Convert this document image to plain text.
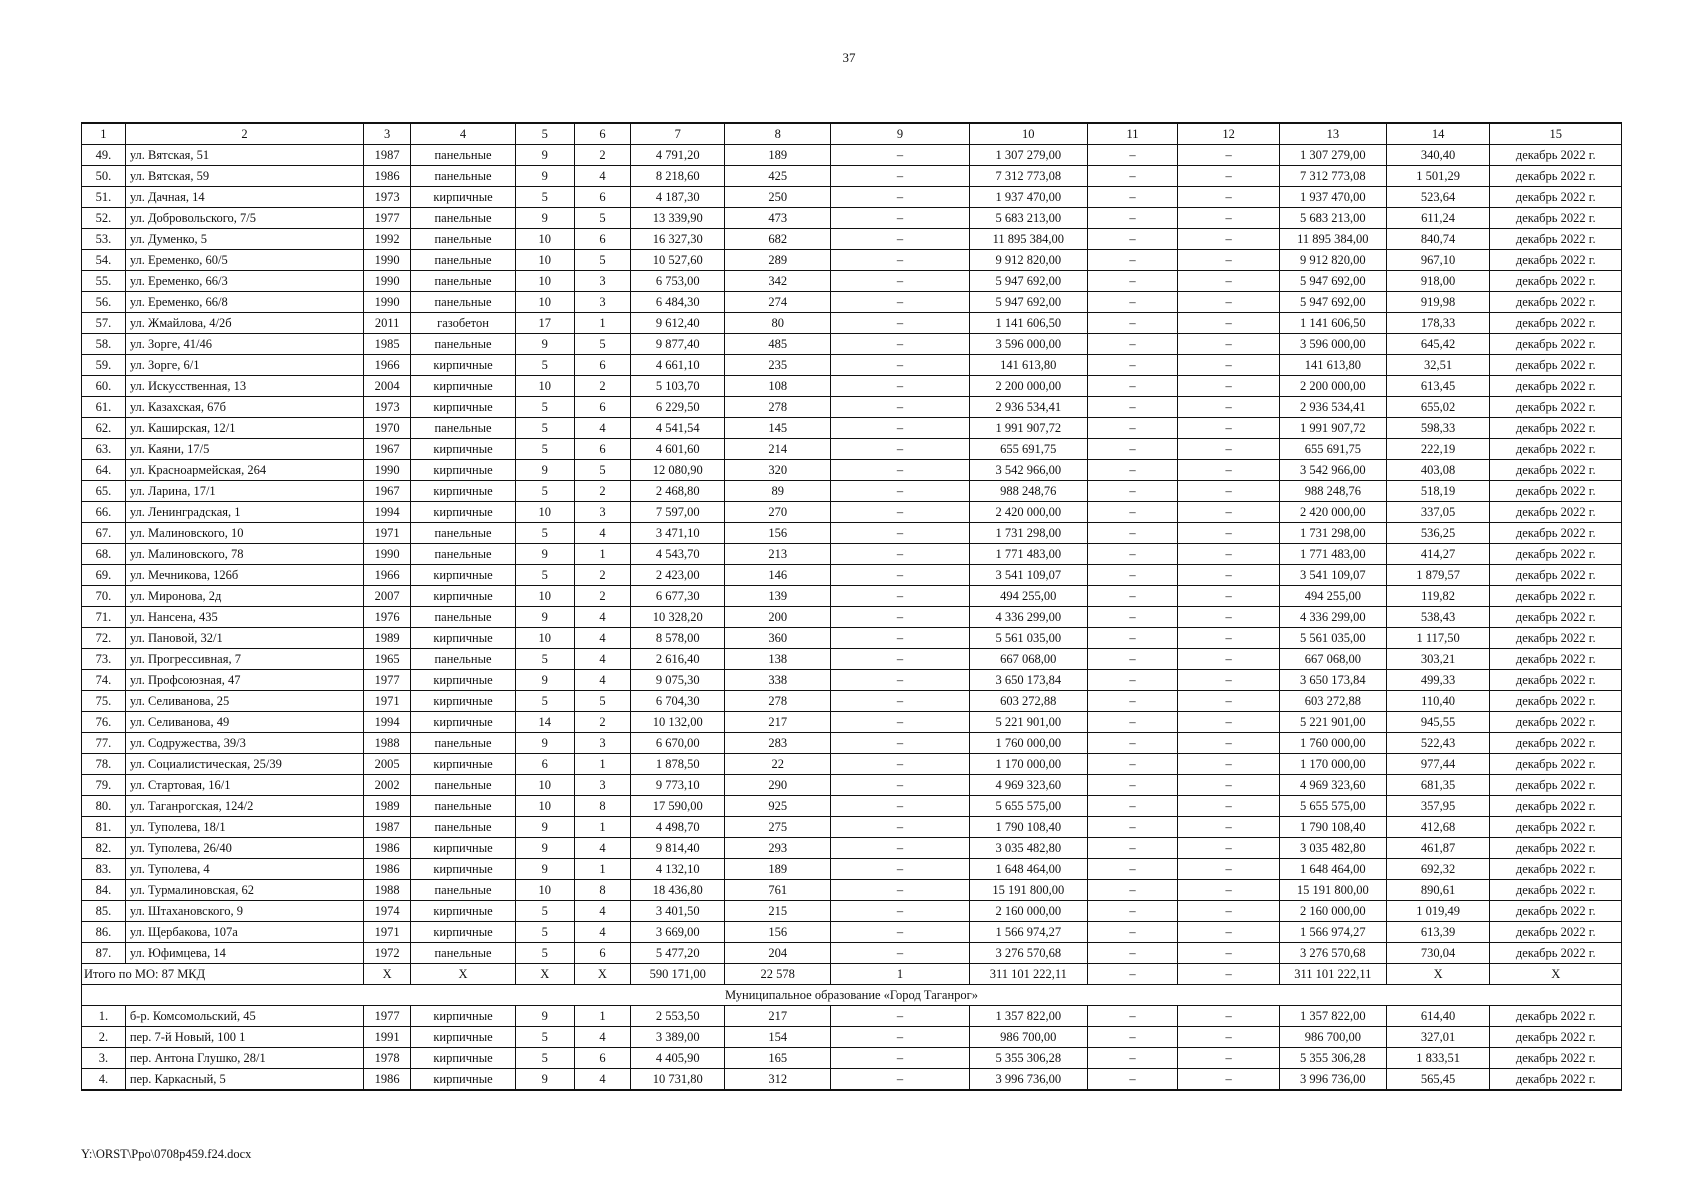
37
1	2	3	4	5	6	7	8	9	10	11	12	13	14	15
49.	ул. Вятская, 51	1987	панельные	9	2	4 791,20	189	–	1 307 279,00	–	–	1 307 279,00	340,40	декабрь 2022 г.
50.	ул. Вятская, 59	1986	панельные	9	4	8 218,60	425	–	7 312 773,08	–	–	7 312 773,08	1 501,29	декабрь 2022 г.
51.	ул. Дачная, 14	1973	кирпичные	5	6	4 187,30	250	–	1 937 470,00	–	–	1 937 470,00	523,64	декабрь 2022 г.
52.	ул. Добровольского, 7/5	1977	панельные	9	5	13 339,90	473	–	5 683 213,00	–	–	5 683 213,00	611,24	декабрь 2022 г.
53.	ул. Думенко, 5	1992	панельные	10	6	16 327,30	682	–	11 895 384,00	–	–	11 895 384,00	840,74	декабрь 2022 г.
54.	ул. Еременко, 60/5	1990	панельные	10	5	10 527,60	289	–	9 912 820,00	–	–	9 912 820,00	967,10	декабрь 2022 г.
55.	ул. Еременко, 66/3	1990	панельные	10	3	6 753,00	342	–	5 947 692,00	–	–	5 947 692,00	918,00	декабрь 2022 г.
56.	ул. Еременко, 66/8	1990	панельные	10	3	6 484,30	274	–	5 947 692,00	–	–	5 947 692,00	919,98	декабрь 2022 г.
57.	ул. Жмайлова, 4/2б	2011	газобетон	17	1	9 612,40	80	–	1 141 606,50	–	–	1 141 606,50	178,33	декабрь 2022 г.
58.	ул. Зорге, 41/46	1985	панельные	9	5	9 877,40	485	–	3 596 000,00	–	–	3 596 000,00	645,42	декабрь 2022 г.
59.	ул. Зорге, 6/1	1966	кирпичные	5	6	4 661,10	235	–	141 613,80	–	–	141 613,80	32,51	декабрь 2022 г.
60.	ул. Искусственная, 13	2004	кирпичные	10	2	5 103,70	108	–	2 200 000,00	–	–	2 200 000,00	613,45	декабрь 2022 г.
61.	ул. Казахская, 67б	1973	кирпичные	5	6	6 229,50	278	–	2 936 534,41	–	–	2 936 534,41	655,02	декабрь 2022 г.
62.	ул. Каширская, 12/1	1970	панельные	5	4	4 541,54	145	–	1 991 907,72	–	–	1 991 907,72	598,33	декабрь 2022 г.
63.	ул. Каяни, 17/5	1967	кирпичные	5	6	4 601,60	214	–	655 691,75	–	–	655 691,75	222,19	декабрь 2022 г.
64.	ул. Красноармейская, 264	1990	кирпичные	9	5	12 080,90	320	–	3 542 966,00	–	–	3 542 966,00	403,08	декабрь 2022 г.
65.	ул. Ларина, 17/1	1967	кирпичные	5	2	2 468,80	89	–	988 248,76	–	–	988 248,76	518,19	декабрь 2022 г.
66.	ул. Ленинградская, 1	1994	кирпичные	10	3	7 597,00	270	–	2 420 000,00	–	–	2 420 000,00	337,05	декабрь 2022 г.
67.	ул. Малиновского, 10	1971	панельные	5	4	3 471,10	156	–	1 731 298,00	–	–	1 731 298,00	536,25	декабрь 2022 г.
68.	ул. Малиновского, 78	1990	панельные	9	1	4 543,70	213	–	1 771 483,00	–	–	1 771 483,00	414,27	декабрь 2022 г.
69.	ул. Мечникова, 126б	1966	кирпичные	5	2	2 423,00	146	–	3 541 109,07	–	–	3 541 109,07	1 879,57	декабрь 2022 г.
70.	ул. Миронова, 2д	2007	кирпичные	10	2	6 677,30	139	–	494 255,00	–	–	494 255,00	119,82	декабрь 2022 г.
71.	ул. Нансена, 435	1976	панельные	9	4	10 328,20	200	–	4 336 299,00	–	–	4 336 299,00	538,43	декабрь 2022 г.
72.	ул. Пановой, 32/1	1989	кирпичные	10	4	8 578,00	360	–	5 561 035,00	–	–	5 561 035,00	1 117,50	декабрь 2022 г.
73.	ул. Прогрессивная, 7	1965	панельные	5	4	2 616,40	138	–	667 068,00	–	–	667 068,00	303,21	декабрь 2022 г.
74.	ул. Профсоюзная, 47	1977	кирпичные	9	4	9 075,30	338	–	3 650 173,84	–	–	3 650 173,84	499,33	декабрь 2022 г.
75.	ул. Селиванова, 25	1971	кирпичные	5	5	6 704,30	278	–	603 272,88	–	–	603 272,88	110,40	декабрь 2022 г.
76.	ул. Селиванова, 49	1994	кирпичные	14	2	10 132,00	217	–	5 221 901,00	–	–	5 221 901,00	945,55	декабрь 2022 г.
77.	ул. Содружества, 39/3	1988	панельные	9	3	6 670,00	283	–	1 760 000,00	–	–	1 760 000,00	522,43	декабрь 2022 г.
78.	ул. Социалистическая, 25/39	2005	кирпичные	6	1	1 878,50	22	–	1 170 000,00	–	–	1 170 000,00	977,44	декабрь 2022 г.
79.	ул. Стартовая, 16/1	2002	панельные	10	3	9 773,10	290	–	4 969 323,60	–	–	4 969 323,60	681,35	декабрь 2022 г.
80.	ул. Таганрогская, 124/2	1989	панельные	10	8	17 590,00	925	–	5 655 575,00	–	–	5 655 575,00	357,95	декабрь 2022 г.
81.	ул. Туполева, 18/1	1987	панельные	9	1	4 498,70	275	–	1 790 108,40	–	–	1 790 108,40	412,68	декабрь 2022 г.
82.	ул. Туполева, 26/40	1986	кирпичные	9	4	9 814,40	293	–	3 035 482,80	–	–	3 035 482,80	461,87	декабрь 2022 г.
83.	ул. Туполева, 4	1986	кирпичные	9	1	4 132,10	189	–	1 648 464,00	–	–	1 648 464,00	692,32	декабрь 2022 г.
84.	ул. Турмалиновская, 62	1988	панельные	10	8	18 436,80	761	–	15 191 800,00	–	–	15 191 800,00	890,61	декабрь 2022 г.
85.	ул. Штахановского, 9	1974	кирпичные	5	4	3 401,50	215	–	2 160 000,00	–	–	2 160 000,00	1 019,49	декабрь 2022 г.
86.	ул. Щербакова, 107а	1971	кирпичные	5	4	3 669,00	156	–	1 566 974,27	–	–	1 566 974,27	613,39	декабрь 2022 г.
87.	ул. Юфимцева, 14	1972	панельные	5	6	5 477,20	204	–	3 276 570,68	–	–	3 276 570,68	730,04	декабрь 2022 г.
Итого по МО: 87 МКД		X	X	X	X	590 171,00	22 578	1	311 101 222,11	–	–	311 101 222,11	X	X
Муниципальное образование «Город Таганрог»														
1.	б-р. Комсомольский, 45	1977	кирпичные	9	1	2 553,50	217	–	1 357 822,00	–	–	1 357 822,00	614,40	декабрь 2022 г.
2.	пер. 7-й Новый, 100 1	1991	кирпичные	5	4	3 389,00	154	–	986 700,00	–	–	986 700,00	327,01	декабрь 2022 г.
3.	пер. Антона Глушко, 28/1	1978	кирпичные	5	6	4 405,90	165	–	5 355 306,28	–	–	5 355 306,28	1 833,51	декабрь 2022 г.
4.	пер. Каркасный, 5	1986	кирпичные	9	4	10 731,80	312	–	3 996 736,00	–	–	3 996 736,00	565,45	декабрь 2022 г.
Y:\ORST\Ppo\0708p459.f24.docx
